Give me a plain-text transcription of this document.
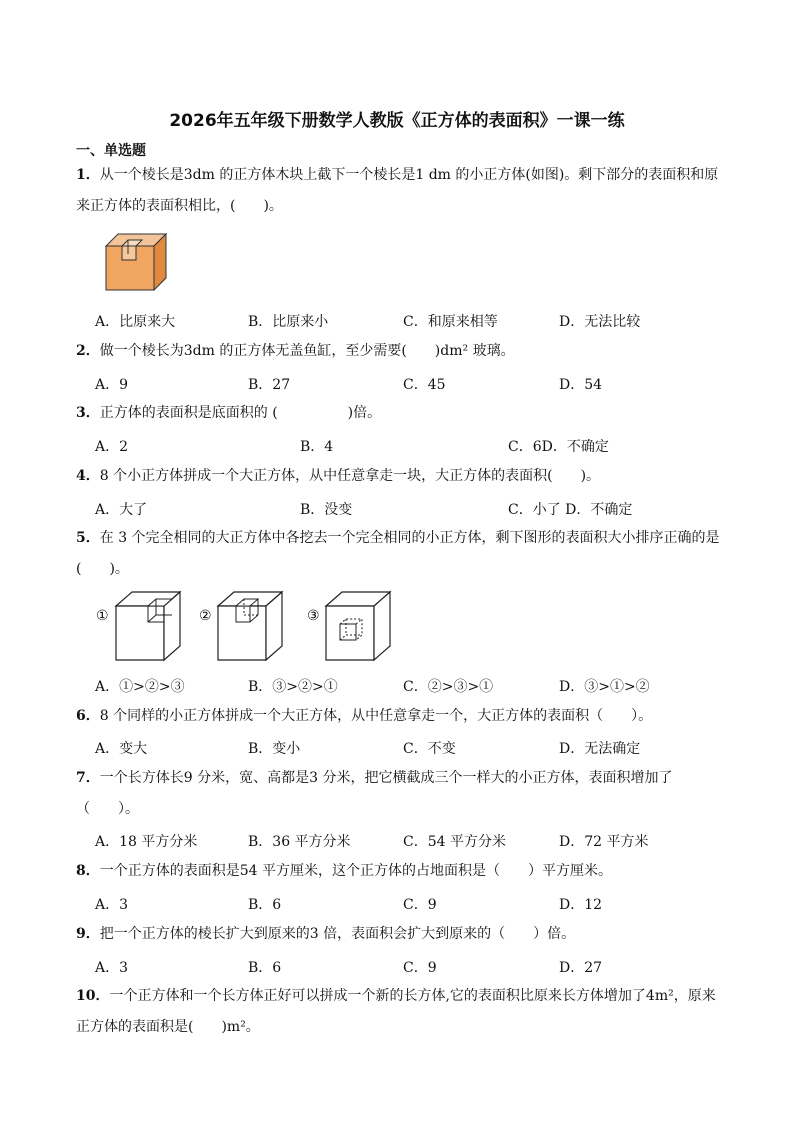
2026年五年级下册数学人教版《正方体的表面积》一课一练
一、单选题
1．从一个棱长是3dm 的正方体木块上截下一个棱长是1 dm 的小正方体(如图)。剩下部分的表面积和原来正方体的表面积相比，(　　)。
A．比原来大	B．比原来小	C．和原来相等	D．无法比较
2．做一个棱长为3dm 的正方体无盖鱼缸，至少需要(　　)dm² 玻璃。
A．9	B．27	C．45	D．54
3．正方体的表面积是底面积的 (　　　　　)倍。
A．2	B．4	C．6D．不确定
4．8 个小正方体拼成一个大正方体，从中任意拿走一块，大正方体的表面积(　　)。
A．大了	B．没变	C．小了 D．不确定
5．在 3 个完全相同的大正方体中各挖去一个完全相同的小正方体，剩下图形的表面积大小排序正确的是(　　)。
①	②	③
A．①>②>③	B．③>②>①	C．②>③>①	D．③>①>②
6．8 个同样的小正方体拼成一个大正方体，从中任意拿走一个，大正方体的表面积（　　）。
A．变大	B．变小	C．不变	D．无法确定
7．一个长方体长9 分米，宽、高都是3 分米，把它横截成三个一样大的小正方体，表面积增加了（　　）。
A．18 平方分米	B．36 平方分米	C．54 平方分米	D．72 平方米
8．一个正方体的表面积是54 平方厘米，这个正方体的占地面积是（　　）平方厘米。
A．3	B．6	C．9	D．12
9．把一个正方体的棱长扩大到原来的3 倍，表面积会扩大到原来的（　　）倍。
A．3	B．6	C．9	D．27
10．一个正方体和一个长方体正好可以拼成一个新的长方体,它的表面积比原来长方体增加了4m²，原来正方体的表面积是(　　)m²。
